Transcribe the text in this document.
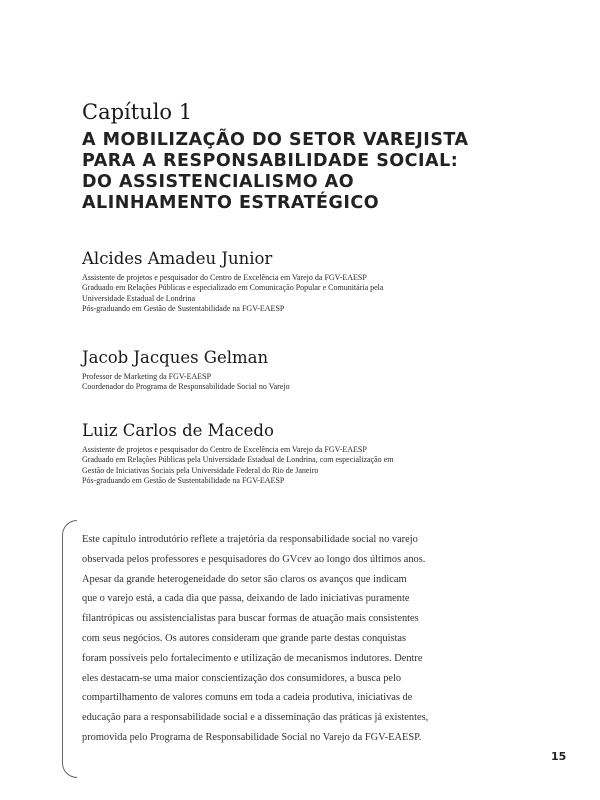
Capítulo 1
A MOBILIZAÇÃO DO SETOR VAREJISTA
PARA A RESPONSABILIDADE SOCIAL:
DO ASSISTENCIALISMO AO
ALINHAMENTO ESTRATÉGICO
Alcides Amadeu Junior
Assistente de projetos e pesquisador do Centro de Excelência em Varejo da FGV-EAESP
Graduado em Relações Públicas e especializado em Comunicação Popular e Comunitária pela
Universidade Estadual de Londrina
Pós-graduando em Gestão de Sustentabilidade na FGV-EAESP
Jacob Jacques Gelman
Professor de Marketing da FGV-EAESP
Coordenador do Programa de Responsabilidade Social no Varejo
Luiz Carlos de Macedo
Assistente de projetos e pesquisador do Centro de Excelência em Varejo da FGV-EAESP
Graduado em Relações Públicas pela Universidade Estadual de Londrina, com especialização em
Gestão de Iniciativas Sociais pela Universidade Federal do Rio de Janeiro
Pós-graduando em Gestão de Sustentabilidade na FGV-EAESP
Este capítulo introdutório reflete a trajetória da responsabilidade social no varejo
observada pelos professores e pesquisadores do GVcev ao longo dos últimos anos.
Apesar da grande heterogeneidade do setor são claros os avanços que indicam
que o varejo está, a cada dia que passa, deixando de lado iniciativas puramente
filantrópicas ou assistencialistas para buscar formas de atuação mais consistentes
com seus negócios. Os autores consideram que grande parte destas conquistas
foram possíveis pelo fortalecimento e utilização de mecanismos indutores. Dentre
eles destacam-se uma maior conscientização dos consumidores, a busca pelo
compartilhamento de valores comuns em toda a cadeia produtiva, iniciativas de
educação para a responsabilidade social e a disseminação das práticas já existentes,
promovida pelo Programa de Responsabilidade Social no Varejo da FGV-EAESP.
15
